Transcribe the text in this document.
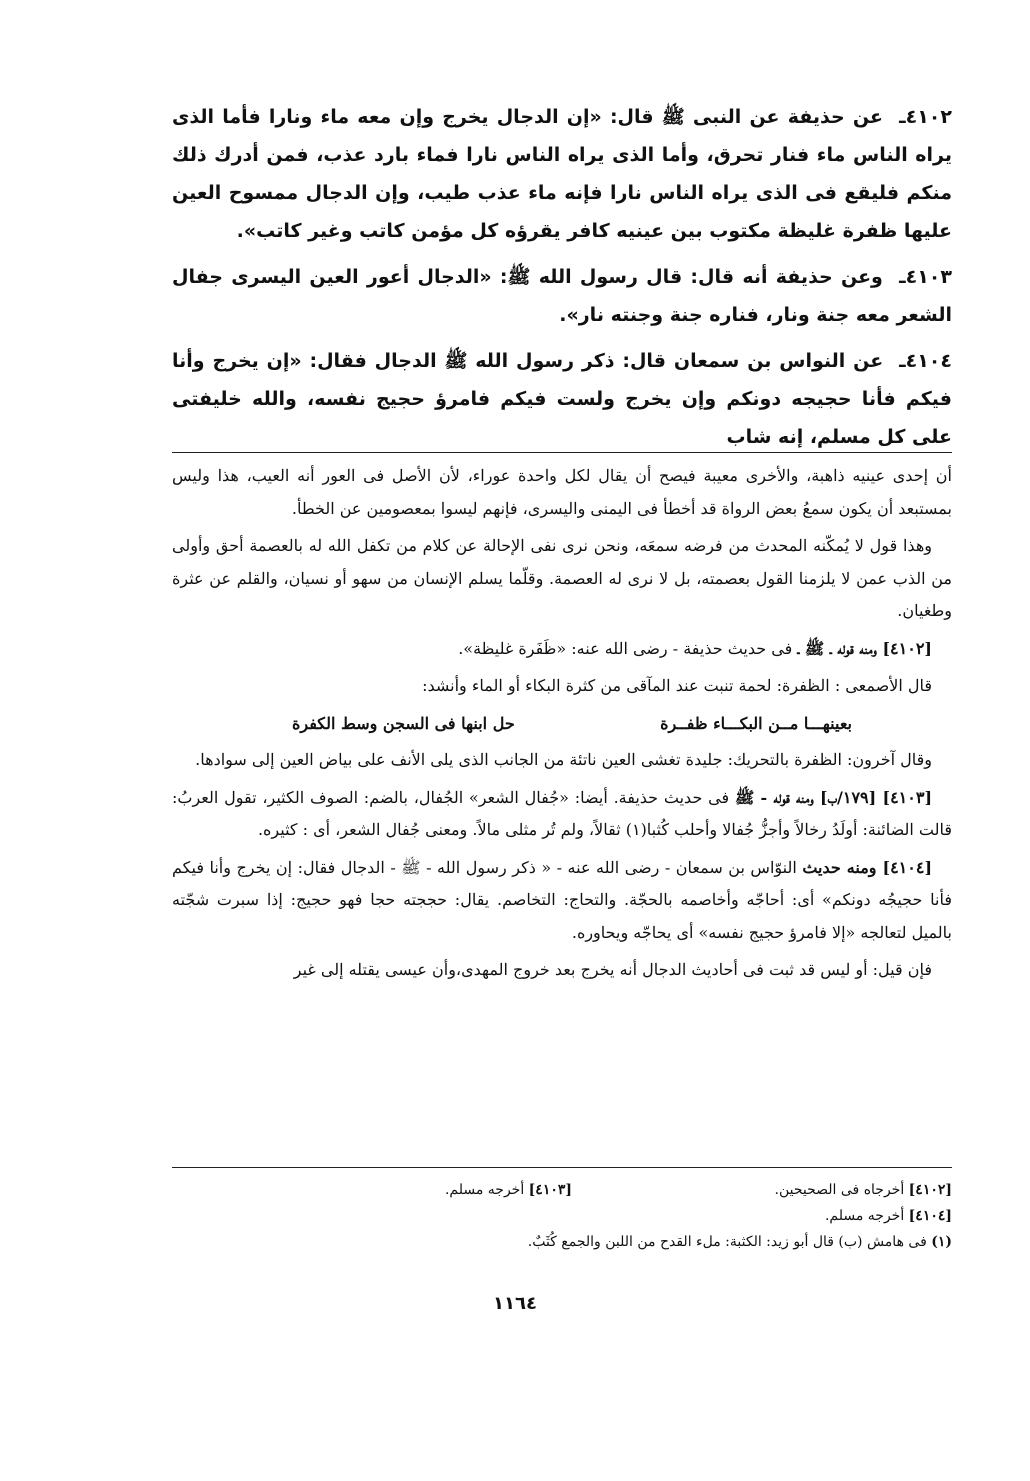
٤١٠٢ـ عن حذيفة عن النبى ﷺ قال: «إن الدجال يخرج وإن معه ماء ونارا فأما الذى يراه الناس ماء فنار تحرق، وأما الذى يراه الناس نارا فماء بارد عذب، فمن أدرك ذلك منكم فليقع فى الذى يراه الناس نارا فإنه ماء عذب طيب، وإن الدجال ممسوح العين عليها ظفرة غليظة مكتوب بين عينيه كافر يقرؤه كل مؤمن كاتب وغير كاتب».

٤١٠٣ـ وعن حذيفة أنه قال: قال رسول الله ﷺ: «الدجال أعور العين اليسرى جفال الشعر معه جنة ونار، فناره جنة وجنته نار».

٤١٠٤ـ عن النواس بن سمعان قال: ذكر رسول الله ﷺ الدجال فقال: «إن يخرج وأنا فيكم فأنا حجيجه دونكم وإن يخرج ولست فيكم فامرؤ حجيج نفسه، والله خليفتى على كل مسلم، إنه شاب

أن إحدى عينيه ذاهبة، والأخرى معيبة فيصح أن يقال لكل واحدة عوراء، لأن الأصل فى العور أنه العيب، هذا وليس بمستبعد أن يكون سمعُ بعض الرواة قد أخطأ فى اليمنى واليسرى، فإنهم ليسوا بمعصومين عن الخطأ.

وهذا قول لا يُمكّنه المحدث من فرضه سمعَه، ونحن نرى نفى الإحالة عن كلام من تكفل الله له بالعصمة أحق وأولى من الذب عمن لا يلزمنا القول بعصمته، بل لا نرى له العصمة. وقلّما يسلم الإنسان من سهو أو نسيان، والقلم عن عثرة وطغيان.

[٤١٠٢] ومنه قوله ـ ﷺ ـ فى حديث حذيفة - رضى الله عنه: «ظَفَرة غليظة».

قال الأصمعى : الظفرة: لحمة تنبت عند المآقى من كثرة البكاء أو الماء وأنشد:

بعينهـــا مــن البكـــاء ظفــرة
حل ابنها فى السجن وسط الكفرة

وقال آخرون: الظفرة بالتحريك: جليدة تغشى العين ناتئة من الجانب الذى يلى الأنف على بياض العين إلى سوادها.

[٤١٠٣] [١٧٩/ب] ومنه قوله - ﷺ فى حديث حذيفة. أيضا: «جُفال الشعر» الجُفال، بالضم: الصوف الكثير، تقول العربُ: قالت الضائنة: أولَدُ رخالاً وأجزُّ جُفالا وأحلب كُثبا(١) ثقالاً، ولم تُر مثلى مالاً. ومعنى جُفال الشعر، أى : كثيره.

[٤١٠٤] ومنه حديث النوّاس بن سمعان - رضى الله عنه - « ذكر رسول الله - ﷺ - الدجال فقال: إن يخرج وأنا فيكم فأنا حجيجُه دونكم» أى: أحاجّه وأخاصمه بالحجّة. والتحاج: التخاصم. يقال: حججته حجا فهو حجيج: إذا سبرت شجّته بالميل لتعالجه «إلا فامرؤ حجيج نفسه» أى يحاجّه ويحاوره.

فإن قيل: أو ليس قد ثبت فى أحاديث الدجال أنه يخرج بعد خروج المهدى،وأن عيسى يقتله إلى غير

[٤١٠٢] أخرجاه فى الصحيحين.
[٤١٠٣] أخرجه مسلم.
[٤١٠٤] أخرجه مسلم.
(١) فى هامش (ب) قال أبو زيد: الكثبة: ملء القدح من اللبن والجمع كُثَبٌ.
١١٦٤
